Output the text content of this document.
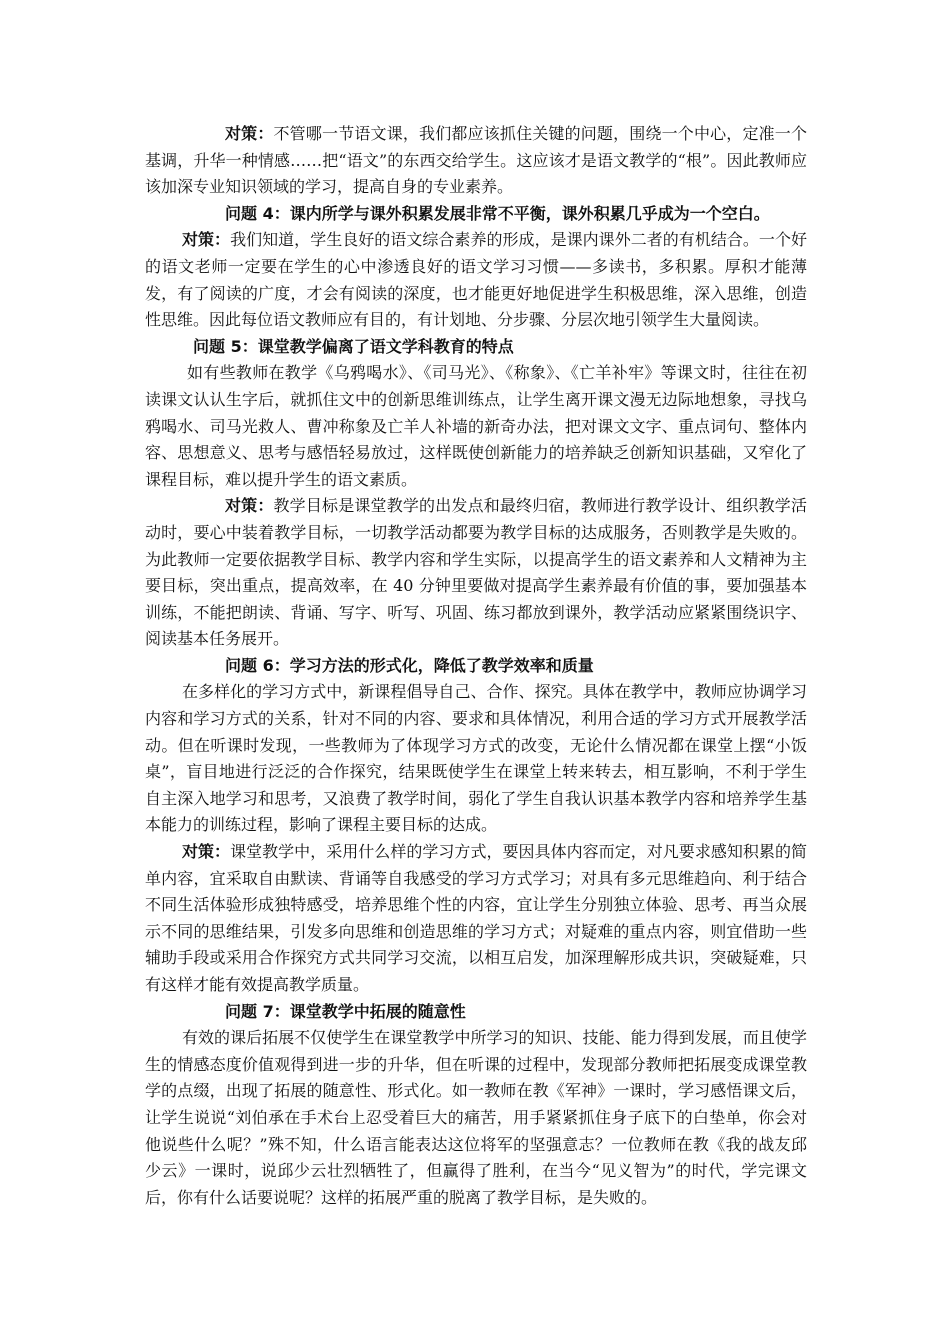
对策：不管哪一节语文课，我们都应该抓住关键的问题，围绕一个中心，定准一个基调，升华一种情感……把“语文”的东西交给学生。这应该才是语文教学的“根”。因此教师应该加深专业知识领域的学习，提高自身的专业素养。

问题 4：课内所学与课外积累发展非常不平衡，课外积累几乎成为一个空白。

对策：我们知道，学生良好的语文综合素养的形成，是课内课外二者的有机结合。一个好的语文老师一定要在学生的心中渗透良好的语文学习习惯——多读书，多积累。厚积才能薄发，有了阅读的广度，才会有阅读的深度，也才能更好地促进学生积极思维，深入思维，创造性思维。因此每位语文教师应有目的，有计划地、分步骤、分层次地引领学生大量阅读。

问题 5：课堂教学偏离了语文学科教育的特点

如有些教师在教学《乌鸦喝水》、《司马光》、《称象》、《亡羊补牢》等课文时，往往在初读课文认认生字后，就抓住文中的创新思维训练点，让学生离开课文漫无边际地想象，寻找乌鸦喝水、司马光救人、曹冲称象及亡羊人补墙的新奇办法，把对课文文字、重点词句、整体内容、思想意义、思考与感悟轻易放过，这样既使创新能力的培养缺乏创新知识基础，又窄化了课程目标，难以提升学生的语文素质。

对策：教学目标是课堂教学的出发点和最终归宿，教师进行教学设计、组织教学活动时，要心中装着教学目标，一切教学活动都要为教学目标的达成服务，否则教学是失败的。为此教师一定要依据教学目标、教学内容和学生实际，以提高学生的语文素养和人文精神为主要目标，突出重点，提高效率，在 40 分钟里要做对提高学生素养最有价值的事，要加强基本训练，不能把朗读、背诵、写字、听写、巩固、练习都放到课外，教学活动应紧紧围绕识字、阅读基本任务展开。

问题 6：学习方法的形式化，降低了教学效率和质量

在多样化的学习方式中，新课程倡导自己、合作、探究。具体在教学中，教师应协调学习内容和学习方式的关系，针对不同的内容、要求和具体情况，利用合适的学习方式开展教学活动。但在听课时发现，一些教师为了体现学习方式的改变，无论什么情况都在课堂上摆“小饭桌”，盲目地进行泛泛的合作探究，结果既使学生在课堂上转来转去，相互影响，不利于学生自主深入地学习和思考，又浪费了教学时间，弱化了学生自我认识基本教学内容和培养学生基本能力的训练过程，影响了课程主要目标的达成。

对策：课堂教学中，采用什么样的学习方式，要因具体内容而定，对凡要求感知积累的简单内容，宜采取自由默读、背诵等自我感受的学习方式学习；对具有多元思维趋向、利于结合不同生活体验形成独特感受，培养思维个性的内容，宜让学生分别独立体验、思考、再当众展示不同的思维结果，引发多向思维和创造思维的学习方式；对疑难的重点内容，则宜借助一些辅助手段或采用合作探究方式共同学习交流，以相互启发，加深理解形成共识，突破疑难，只有这样才能有效提高教学质量。

问题 7：课堂教学中拓展的随意性

有效的课后拓展不仅使学生在课堂教学中所学习的知识、技能、能力得到发展，而且使学生的情感态度价值观得到进一步的升华，但在听课的过程中，发现部分教师把拓展变成课堂教学的点缀，出现了拓展的随意性、形式化。如一教师在教《军神》一课时，学习感悟课文后，让学生说说“刘伯承在手术台上忍受着巨大的痛苦，用手紧紧抓住身子底下的白垫单，你会对他说些什么呢？”殊不知，什么语言能表达这位将军的坚强意志？一位教师在教《我的战友邱少云》一课时，说邱少云壮烈牺牲了，但赢得了胜利，在当今“见义智为”的时代，学完课文后，你有什么话要说呢？这样的拓展严重的脱离了教学目标，是失败的。
